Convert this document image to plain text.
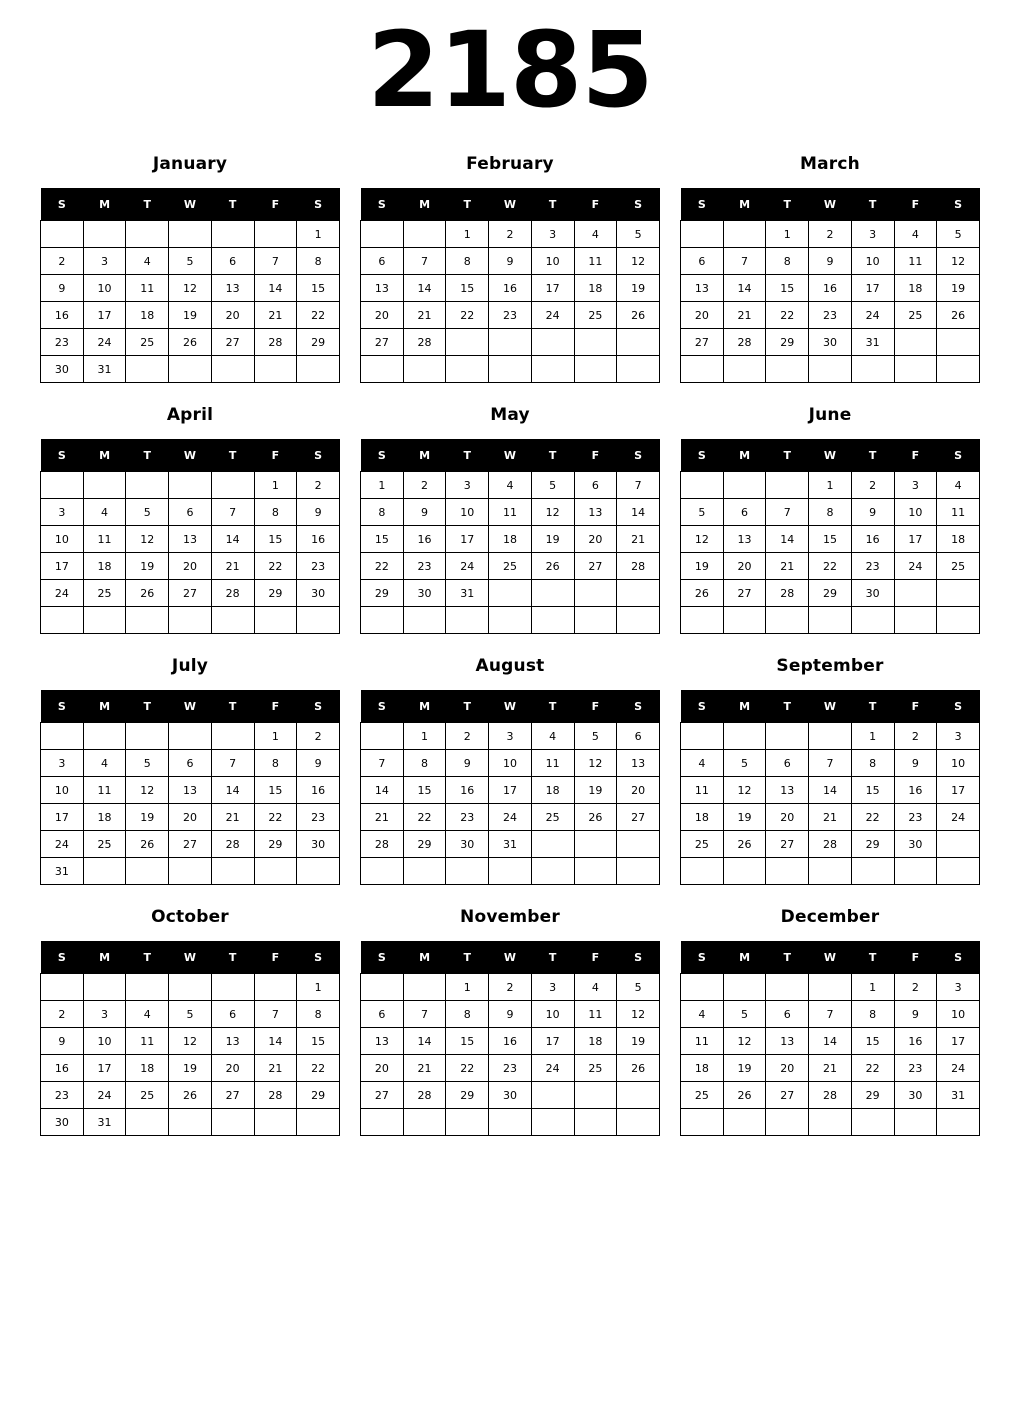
2185
January
S	M	T	W	T	F	S
						1
2	3	4	5	6	7	8
9	10	11	12	13	14	15
16	17	18	19	20	21	22
23	24	25	26	27	28	29
30	31					
February
S	M	T	W	T	F	S
		1	2	3	4	5
6	7	8	9	10	11	12
13	14	15	16	17	18	19
20	21	22	23	24	25	26
27	28					

March
S	M	T	W	T	F	S
		1	2	3	4	5
6	7	8	9	10	11	12
13	14	15	16	17	18	19
20	21	22	23	24	25	26
27	28	29	30	31		

April
S	M	T	W	T	F	S
					1	2
3	4	5	6	7	8	9
10	11	12	13	14	15	16
17	18	19	20	21	22	23
24	25	26	27	28	29	30

May
S	M	T	W	T	F	S
1	2	3	4	5	6	7
8	9	10	11	12	13	14
15	16	17	18	19	20	21
22	23	24	25	26	27	28
29	30	31				

June
S	M	T	W	T	F	S
			1	2	3	4
5	6	7	8	9	10	11
12	13	14	15	16	17	18
19	20	21	22	23	24	25
26	27	28	29	30		

July
S	M	T	W	T	F	S
					1	2
3	4	5	6	7	8	9
10	11	12	13	14	15	16
17	18	19	20	21	22	23
24	25	26	27	28	29	30
31						
August
S	M	T	W	T	F	S
	1	2	3	4	5	6
7	8	9	10	11	12	13
14	15	16	17	18	19	20
21	22	23	24	25	26	27
28	29	30	31			

September
S	M	T	W	T	F	S
				1	2	3
4	5	6	7	8	9	10
11	12	13	14	15	16	17
18	19	20	21	22	23	24
25	26	27	28	29	30	

October
S	M	T	W	T	F	S
						1
2	3	4	5	6	7	8
9	10	11	12	13	14	15
16	17	18	19	20	21	22
23	24	25	26	27	28	29
30	31					
November
S	M	T	W	T	F	S
		1	2	3	4	5
6	7	8	9	10	11	12
13	14	15	16	17	18	19
20	21	22	23	24	25	26
27	28	29	30			

December
S	M	T	W	T	F	S
				1	2	3
4	5	6	7	8	9	10
11	12	13	14	15	16	17
18	19	20	21	22	23	24
25	26	27	28	29	30	31
